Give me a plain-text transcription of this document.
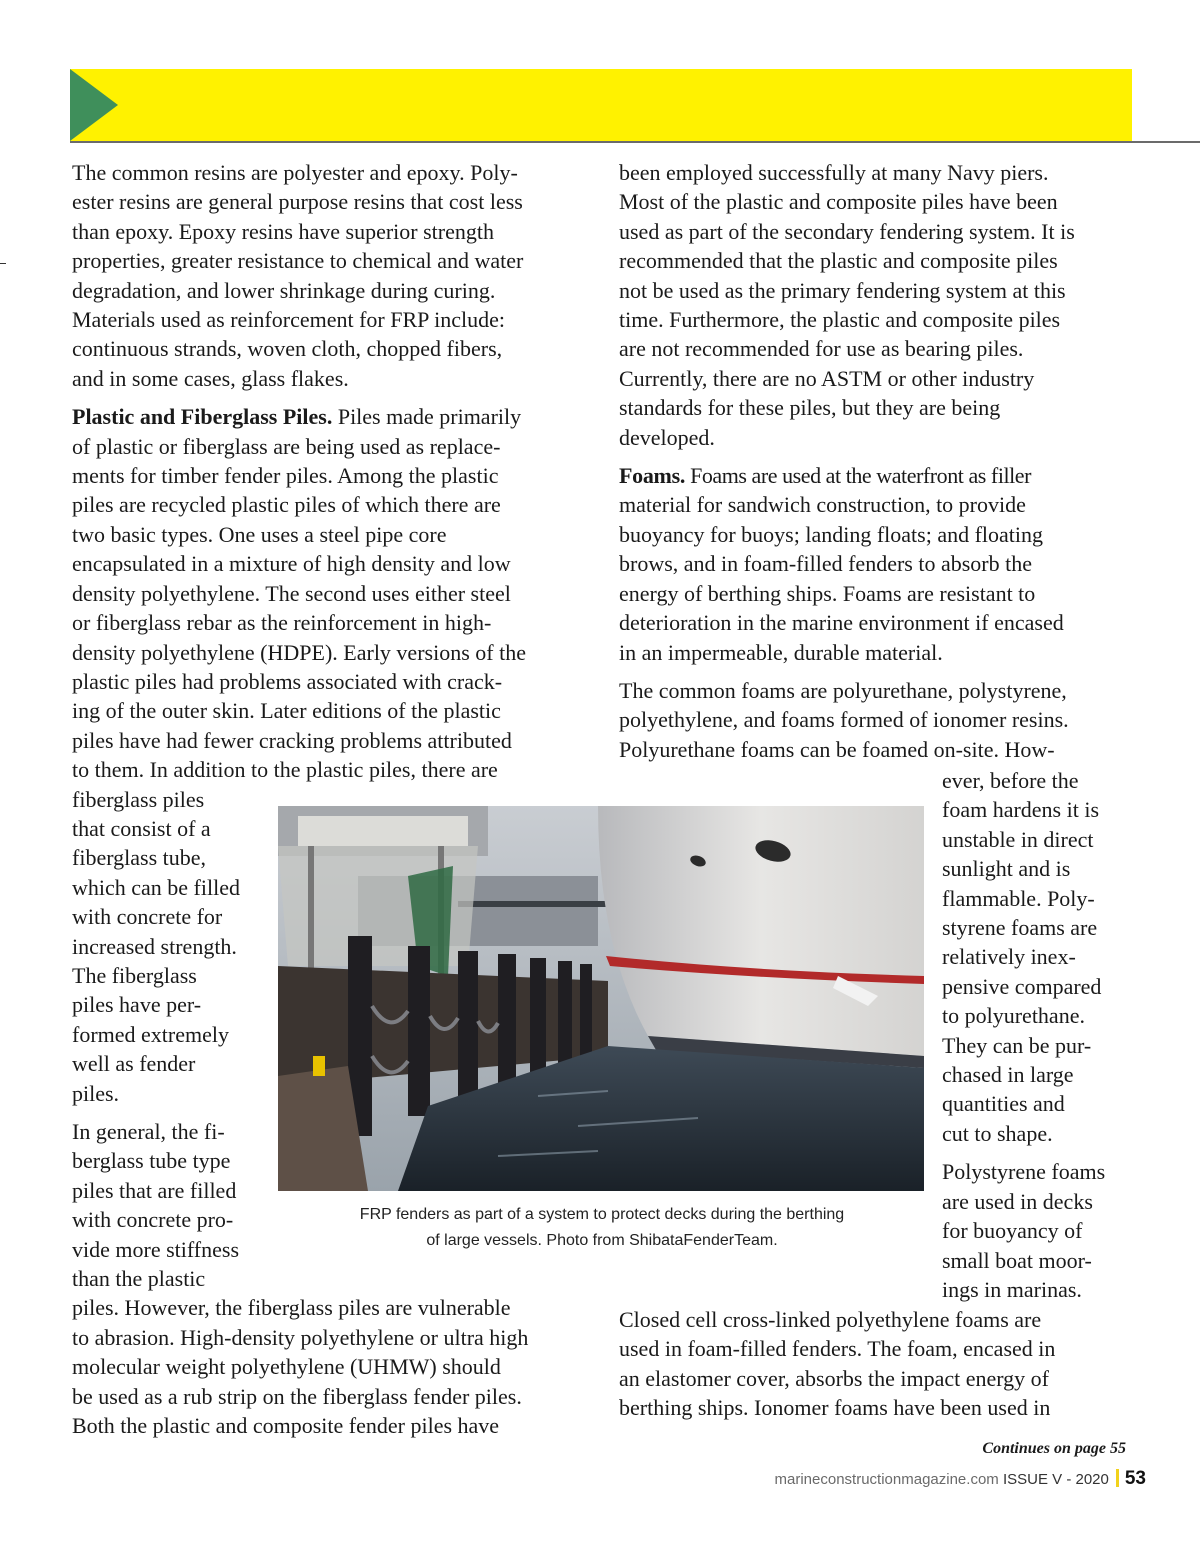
The common resins are polyester and epoxy. Poly-
ester resins are general purpose resins that cost less
than epoxy. Epoxy resins have superior strength
properties, greater resistance to chemical and water
degradation, and lower shrinkage during curing.
Materials used as reinforcement for FRP include:
continuous strands, woven cloth, chopped fibers,
and in some cases, glass flakes.

Plastic and Fiberglass Piles. Piles made primarily
of plastic or fiberglass are being used as replace-
ments for timber fender piles. Among the plastic
piles are recycled plastic piles of which there are
two basic types. One uses a steel pipe core
encapsulated in a mixture of high density and low
density polyethylene. The second uses either steel
or fiberglass rebar as the reinforcement in high-
density polyethylene (HDPE). Early versions of the
plastic piles had problems associated with crack-
ing of the outer skin. Later editions of the plastic
piles have had fewer cracking problems attributed
to them. In addition to the plastic piles, there are
fiberglass piles
that consist of a
fiberglass tube,
which can be filled
with concrete for
increased strength.
The fiberglass
piles have per-
formed extremely
well as fender
piles.

In general, the fi-
berglass tube type
piles that are filled
with concrete pro-
vide more stiffness
than the plastic
piles. However, the fiberglass piles are vulnerable
to abrasion. High-density polyethylene or ultra high
molecular weight polyethylene (UHMW) should
be used as a rub strip on the fiberglass fender piles.
Both the plastic and composite fender piles have

been employed successfully at many Navy piers.
Most of the plastic and composite piles have been
used as part of the secondary fendering system. It is
recommended that the plastic and composite piles
not be used as the primary fendering system at this
time. Furthermore, the plastic and composite piles
are not recommended for use as bearing piles.
Currently, there are no ASTM or other industry
standards for these piles, but they are being
developed.

Foams. Foams are used at the waterfront as filler
material for sandwich construction, to provide
buoyancy for buoys; landing floats; and floating
brows, and in foam-filled fenders to absorb the
energy of berthing ships. Foams are resistant to
deterioration in the marine environment if encased
in an impermeable, durable material.

The common foams are polyurethane, polystyrene,
polyethylene, and foams formed of ionomer resins.
Polyurethane foams can be foamed on-site. How-

ever, before the
foam hardens it is
unstable in direct
sunlight and is
flammable. Poly-
styrene foams are
relatively inex-
pensive compared
to polyurethane.
They can be pur-
chased in large
quantities and
cut to shape.

Polystyrene foams
are used in decks
for buoyancy of
small boat moor-
ings in marinas.

Closed cell cross-linked polyethylene foams are
used in foam-filled fenders. The foam, encased in
an elastomer cover, absorbs the impact energy of
berthing ships. Ionomer foams have been used in

FRP fenders as part of a system to protect decks during the berthing
of large vessels. Photo from ShibataFenderTeam.
Continues on page 55
marineconstructionmagazine.com ISSUE V - 2020 53
